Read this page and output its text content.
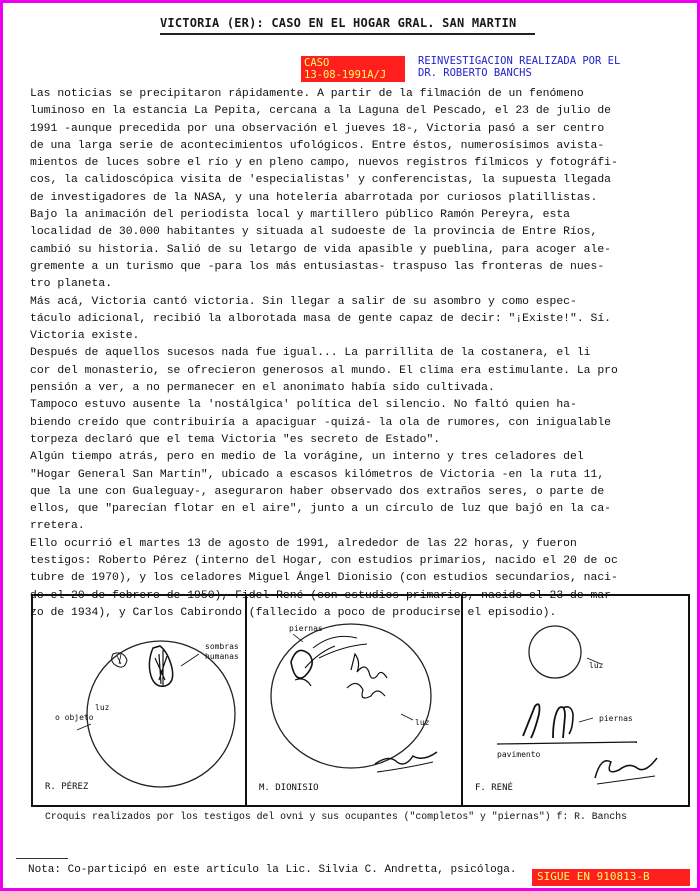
VICTORIA (ER): CASO EN EL HOGAR GRAL. SAN MARTIN
CASO
13-08-1991A/J
REINVESTIGACION REALIZADA POR EL
DR. ROBERTO BANCHS
Las noticias se precipitaron rápidamente. A partir de la filmación de un fenómeno
luminoso en la estancia La Pepita, cercana a la Laguna del Pescado, el 23 de julio de
1991 -aunque precedida por una observación el jueves 18-, Victoria pasó a ser centro
de una larga serie de acontecimientos ufológicos. Entre éstos, numerosísimos avista-
mientos de luces sobre el río y en pleno campo, nuevos registros fílmicos y fotográfi-
cos, la calidoscópica visita de 'especialistas' y conferencistas, la supuesta llegada
de investigadores de la NASA, y una hotelería abarrotada por curiosos platillistas.
Bajo la animación del periodista local y martillero público Ramón Pereyra, esta
localidad de 30.000 habitantes y situada al sudoeste de la provincia de Entre Ríos,
cambió su historia. Salió de su letargo de vida apasible y pueblina, para acoger ale-
gremente a un turismo que -para los más entusiastas- traspuso las fronteras de nues-
tro planeta.
Más acá, Victoria cantó victoria. Sin llegar a salir de su asombro y como espec-
táculo adicional, recibió la alborotada masa de gente capaz de decir: "¡Existe!". Sí.
Victoria existe.
Después de aquellos sucesos nada fue igual... La parrillita de la costanera, el li
cor del monasterio, se ofrecieron generosos al mundo. El clima era estimulante. La pro
pensión a ver, a no permanecer en el anonimato había sido cultivada.
Tampoco estuvo ausente la 'nostálgica' política del silencio. No faltó quien ha-
biendo creído que contribuiría a apaciguar -quizá- la ola de rumores, con inigualable
torpeza declaró que el tema Victoria "es secreto de Estado".
Algún tiempo atrás, pero en medio de la vorágine, un interno y tres celadores del
"Hogar General San Martín", ubicado a escasos kilómetros de Victoria -en la ruta 11,
que la une con Gualeguay-, aseguraron haber observado dos extraños seres, o parte de
ellos, que "parecían flotar en el aire", junto a un círculo de luz que bajó en la ca-
rretera.
Ello ocurrió el martes 13 de agosto de 1991, alrededor de las 22 horas, y fueron
testigos: Roberto Pérez (interno del Hogar, con estudios primarios, nacido el 20 de oc
tubre de 1970), y los celadores Miguel Ángel Dionisio (con estudios secundarios, naci-
do el 20 de febrero de 1950), Fidel René (con estudios primarios, nacido el 23 de mar-
zo de 1934), y Carlos Cabirondo (fallecido a poco de producirse el episodio).
sombras
humanas
luz
o objeto
R. PÉREZ
piernas
luz
M. DIONISIO
luz
piernas
pavimento
F. RENÉ
Croquis realizados por los testigos del ovni y sus ocupantes ("completos" y "piernas") f: R. Banchs
Nota: Co-participó en este artículo la Lic. Silvia C. Andretta, psicóloga.	SIGUE EN 910813-B
